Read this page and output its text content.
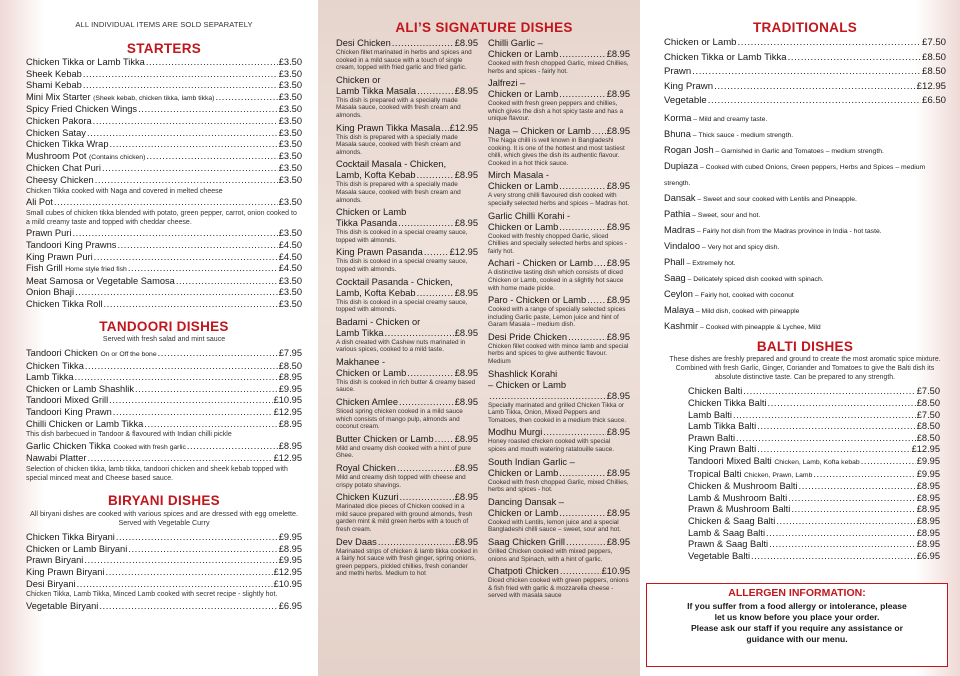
ALL INDIVIDUAL ITEMS ARE SOLD SEPARATELY
STARTERS
Chicken Tikka or Lamb Tikka .....	£3.50
Sheek Kebab .....	£3.50
Shami Kebab .....	£3.50
Mini Mix Starter (Sheek kebab, chicken tikka, lamb tikka) .....	£3.50
Spicy Fried Chicken Wings .....	£3.50
Chicken Pakora .....	£3.50
Chicken Satay .....	£3.50
Chicken Tikka Wrap .....	£3.50
Mushroom Pot (Contains chicken) .....	£3.50
Chicken Chat Puri .....	£3.50
Cheesy Chicken .....	£3.50
Chicken Tikka cooked with Naga and covered in melted cheese
Ali Pot .....	£3.50
Small cubes of chicken tikka blended with potato, green pepper, carrot, onion cooked to a mild creamy taste and topped with cheddar cheese.
Prawn Puri .....	£3.50
Tandoori King Prawns .....	£4.50
King Prawn Puri .....	£4.50
Fish Grill Home style fried fish .....	£4.50
Meat Samosa or Vegetable Samosa .....	£3.50
Onion Bhaji .....	£3.50
Chicken Tikka Roll .....	£3.50
TANDOORI DISHES
Served with fresh salad and mint sauce
Tandoori Chicken On or Off the bone .....	£7.95
Chicken Tikka .....	£8.50
Lamb Tikka .....	£8.95
Chicken or Lamb Shashlik .....	£9.95
Tandoori Mixed Grill .....	£10.95
Tandoori King Prawn .....	£12.95
Chilli Chicken or Lamb Tikka .....	£8.95
This dish barbecued in Tandoor & flavoured with Indian chilli pickle
Garlic Chicken Tikka Cooked with fresh garlic .....	£8.95
Nawabi Platter .....	£12.95
Selection of chicken tikka, lamb tikka, tandoori chicken and sheek kebab topped with special minced meat and Cheese based sauce.
BIRYANI DISHES
All biryani dishes are cooked with various spices and are dressed with egg omelette. Served with Vegetable Curry
Chicken Tikka Biryani .....	£9.95
Chicken or Lamb Biryani .....	£8.95
Prawn Biryani .....	£9.95
King Prawn Biryani .....	£12.95
Desi Biryani .....	£10.95
Chicken Tikka, Lamb Tikka, Minced Lamb cooked with secret recipe - slightly hot.
Vegetable Biryani .....	£6.95
ALI’S SIGNATURE DISHES
Desi Chicken .....	£8.95
Chicken fillet marinated in herbs and spices and cooked in a mild sauce with a touch of single cream, topped with fried garlic and fried garlic.
Chicken or
Lamb Tikka Masala .....	£8.95
This dish is prepared with a specially made Masala sauce, cooked with fresh cream and almonds.
King Prawn Tikka Masala ..... £12.95
This dish is prepared with a specially made Masala sauce, cooked with fresh cream and almonds.
Cocktail Masala - Chicken,
Lamb, Kofta Kebab .....	£8.95
This dish is prepared with a specially made Masala sauce, cooked with fresh cream and almonds.
Chicken or Lamb
Tikka Pasanda .....	£8.95
This dish is cooked in a special creamy sauce, topped with almonds.
King Prawn Pasanda .....	£12.95
This dish is cooked in a special creamy sauce, topped with almonds.
Cocktail Pasanda - Chicken,
Lamb, Kofta Kebab .....	£8.95
This dish is cooked in a special creamy sauce, topped with almonds.
Badami - Chicken or
Lamb Tikka .....	£8.95
A dish created with Cashew nuts marinated in various spices, cooked to a mild taste.
Makhanee -
Chicken or Lamb .....	£8.95
This dish is cooked in rich butter & creamy based sauce.
Chicken Amlee .....	£8.95
Sliced spring chicken cooked in a mild sauce which consists of mango pulp, almonds and coconut cream.
Butter Chicken or Lamb ..... £8.95
Mild and creamy dish cooked with a hint of pure Ghee.
Royal Chicken .....	£8.95
Mild and creamy dish topped with cheese and crispy potato shavings.
Chicken Kuzuri .....	£8.95
Marinated dice pieces of Chicken cooked in a mild sauce prepared with ground almonds, fresh garden mint & mild green herbs with a touch of fresh cream.
Dev Daas .....	£8.95
Marinated strips of chicken & lamb tikka cooked in a fairly hot sauce with fresh ginger, spring onions, green peppers, pickled chillies, fresh coriander and methi herbs. Medium to hot
Chilli Garlic –
Chicken or Lamb .....	£8.95
Cooked with fresh chopped Garlic, mixed Chillies, herbs and spices - fairly hot.
Jalfrezi –
Chicken or Lamb .....	£8.95
Cooked with fresh green peppers and chillies, which gives the dish a hot spicy taste and has a unique flavour.
Naga – Chicken or Lamb ..... £8.95
The Naga chilli is well known in Bangladeshi cooking. It is one of the hottest and most tastiest chilli, which gives the dish its authentic flavour. Cooked in a hot thick sauce.
Mirch Masala -
Chicken or Lamb .....	£8.95
A very strong chilli flavoured dish cooked with specially selected herbs and spices – Madras hot.
Garlic Chilli Korahi -
Chicken or Lamb .....	£8.95
Cooked with freshly chopped Garlic, sliced Chillies and specially selected herbs and spices - fairly hot.
Achari - Chicken or Lamb ..... £8.95
A distinctive tasting dish which consists of diced Chicken or Lamb, cooked in a slightly hot sauce with home made pickle.
Paro - Chicken or Lamb ..... £8.95
Cooked with a range of specially selected spices including Garlic paste, Lemon juice and hint of Garam Masala – medium dish.
Desi Pride Chicken .....	£8.95
Chicken fillet cooked with mince lamb and special herbs and spices to give authentic flavour. Medium
Shashlick Korahi
– Chicken or Lamb
.....
£8.95
Specially marinated and grilled Chicken Tikka or Lamb Tikka, Onion, Mixed Peppers and Tomatoes, then cooked in a medium thick sauce.
Modhu Murgi .....	£8.95
Honey roasted chicken cooked with special spices and mouth watering ratatouille sauce.
South Indian Garlic –
Chicken or Lamb .....	£8.95
Cooked with fresh chopped Garlic, mixed Chillies, herbs and spices - hot.
Dancing Dansak –
Chicken or Lamb .....	£8.95
Cooked with Lentils, lemon juice and a special Bangladeshi chilli sauce – sweet, sour and hot.
Saag Chicken Grill .....	£8.95
Grilled Chicken cooked with mixed peppers, onions and Spinach, with a hint of garlic.
Chatpoti Chicken .....	£10.95
Diced chicken cooked with green peppers, onions & fish fried with garlic & mozzarella cheese - served with masala sauce
TRADITIONALS
Chicken or Lamb .....	£7.50
Chicken Tikka or Lamb Tikka .....	£8.50
Prawn .....	£8.50
King Prawn .....	£12.95
Vegetable .....	£6.50
Korma – Mild and creamy taste.
Bhuna – Thick sauce - medium strength.
Rogan Josh – Garnished in Garlic and Tomatoes – medium strength.
Dupiaza – Cooked with cubed Onions, Green peppers, Herbs and Spices – medium strength.
Dansak – Sweet and sour cooked with Lentils and Pineapple.
Pathia – Sweet, sour and hot.
Madras – Fairly hot dish from the Madras province in India - hot taste.
Vindaloo – Very hot and spicy dish.
Phall – Extremely hot.
Saag – Delicately spiced dish cooked with spinach.
Ceylon – Fairly hot, cooked with coconut
Malaya – Mild dish, cooked with pineapple
Kashmir – Cooked with pineapple & Lychee, Mild
BALTI DISHES
These dishes are freshly prepared and ground to create the most aromatic spice mixture. Combined with fresh Garlic, Ginger, Coriander and Tomatoes to give the Balti dish its absolute distinctive taste. Can be prepared to any strength.
Chicken Balti .....	£7.50
Chicken Tikka Balti .....	£8.50
Lamb Balti .....	£7.50
Lamb Tikka Balti .....	£8.50
Prawn Balti .....	£8.50
King Prawn Balti .....	£12.95
Tandoori Mixed Balti Chicken, Lamb, Kofta kebab .....	£9.95
Tropical Balti Chicken, Prawn, Lamb .....	£9.95
Chicken & Mushroom Balti .....	£8.95
Lamb & Mushroom Balti .....	£8.95
Prawn & Mushroom Balti .....	£8.95
Chicken & Saag Balti .....	£8.95
Lamb & Saag Balti .....	£8.95
Prawn & Saag Balti .....	£8.95
Vegetable Balti .....	£6.95
ALLERGEN INFORMATION:
If you suffer from a food allergy or intolerance, please
let us know before you place your order.
Please ask our staff if you require any assistance or
guidance with our menu.
